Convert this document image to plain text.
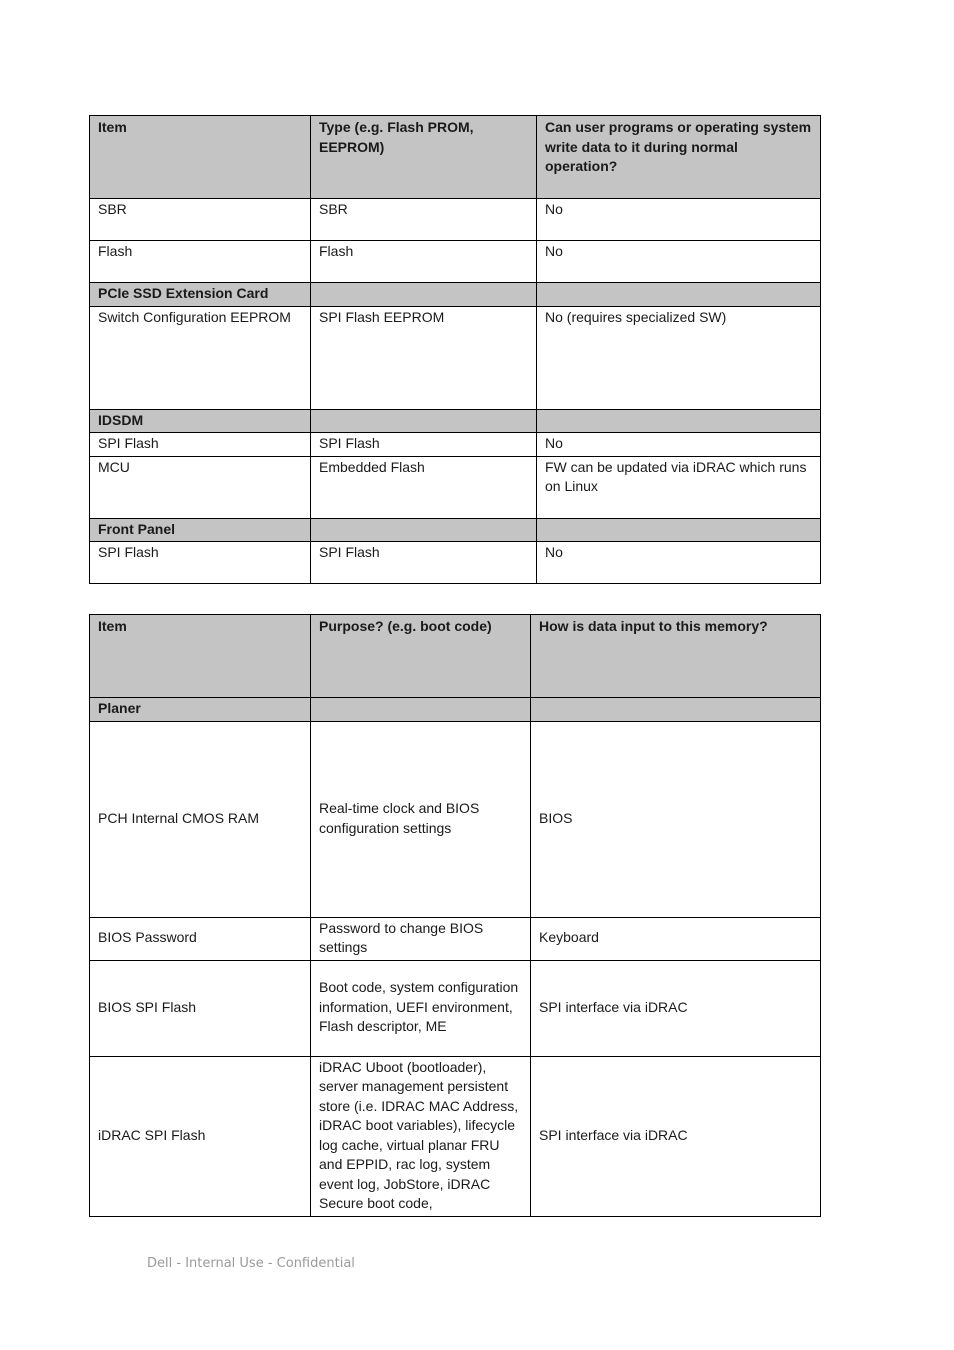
Item	Type (e.g. Flash PROM, EEPROM)	Can user programs or operating system write data to it during normal operation?
SBR	SBR	No
Flash	Flash	No
PCIe SSD Extension Card		
Switch Configuration EEPROM	SPI Flash EEPROM	No (requires specialized SW)
IDSDM		
SPI Flash	SPI Flash	No
MCU	Embedded Flash	FW can be updated via iDRAC which runs on Linux
Front Panel		
SPI Flash	SPI Flash	No
Item	Purpose? (e.g. boot code)	How is data input to this memory?
Planer		
PCH Internal CMOS RAM	Real-time clock and BIOS configuration settings	BIOS
BIOS Password	Password to change BIOS settings	Keyboard
BIOS SPI Flash	Boot code, system configuration information, UEFI environment, Flash descriptor, ME	SPI interface via iDRAC
iDRAC SPI Flash	iDRAC Uboot (bootloader), server management persistent store (i.e. IDRAC MAC Address, iDRAC boot variables), lifecycle log cache, virtual planar FRU and EPPID, rac log, system event log, JobStore, iDRAC Secure boot code,	SPI interface via iDRAC
Dell - Internal Use - Confidential
